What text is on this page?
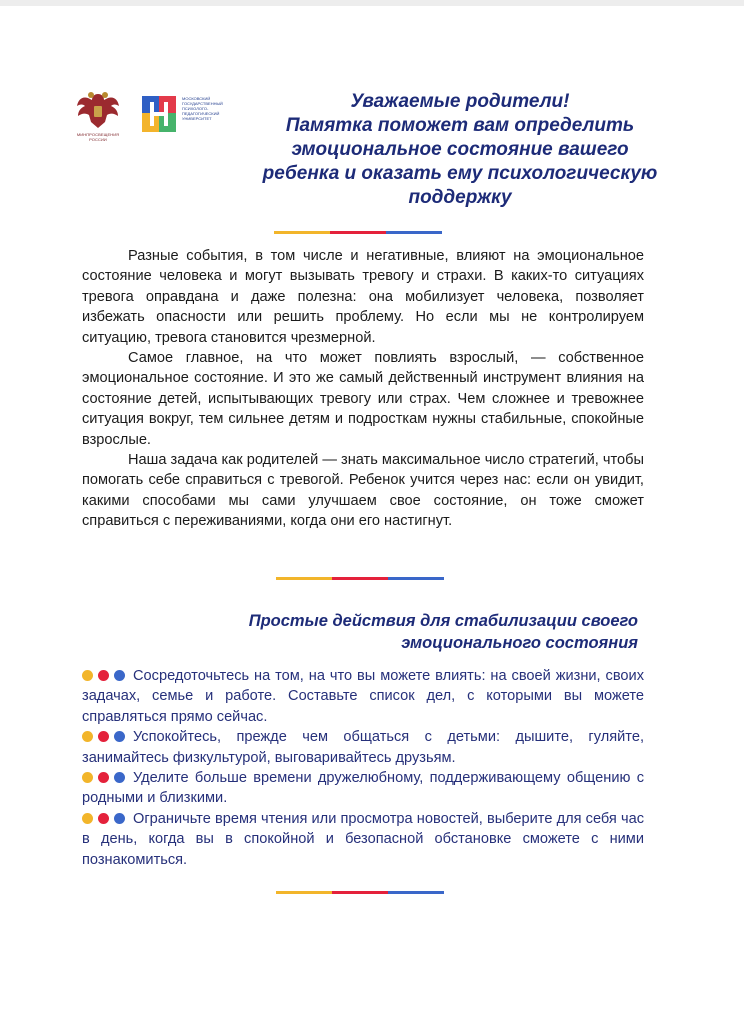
МИНПРОСВЕЩЕНИЯ РОССИИ
МОСКОВСКИЙ
ГОСУДАРСТВЕННЫЙ
ПСИХОЛОГО-
ПЕДАГОГИЧЕСКИЙ
УНИВЕРСИТЕТ
Уважаемые родители!
Памятка поможет вам определить
эмоциональное состояние вашего
ребенка и оказать ему психологическую
поддержку

Разные события, в том числе и негативные, влияют на эмоциональное состояние человека и могут вызывать тревогу и страхи. В каких-то ситуациях тревога оправдана и даже полезна: она мобилизует человека, позволяет избежать опасности или решить проблему. Но если мы не контролируем ситуацию, тревога становится чрезмерной.

Самое главное, на что может повлиять взрослый, — собственное эмоциональное состояние. И это же самый действенный инструмент влияния на состояние детей, испытывающих тревогу или страх. Чем сложнее и тревожнее ситуация вокруг, тем сильнее детям и подросткам нужны стабильные, спокойные взрослые.

Наша задача как родителей — знать максимальное число стратегий, чтобы помогать себе справиться с тревогой. Ребенок учится через нас: если он увидит, какими способами мы сами улучшаем свое состояние, он тоже сможет справиться с переживаниями, когда они его настигнут.

Простые действия для стабилизации своего
эмоционального состояния
Сосредоточьтесь на том, на что вы можете влиять: на своей жизни, своих задачах, семье и работе. Составьте список дел, с которыми вы можете справляться прямо сейчас.
Успокойтесь, прежде чем общаться с детьми: дышите, гуляйте, занимайтесь физкультурой, выговаривайтесь друзьям.
Уделите больше времени дружелюбному, поддерживающему общению с родными и близкими.
Ограничьте время чтения или просмотра новостей, выберите для себя час в день, когда вы в спокойной и безопасной обстановке сможете с ними познакомиться.
